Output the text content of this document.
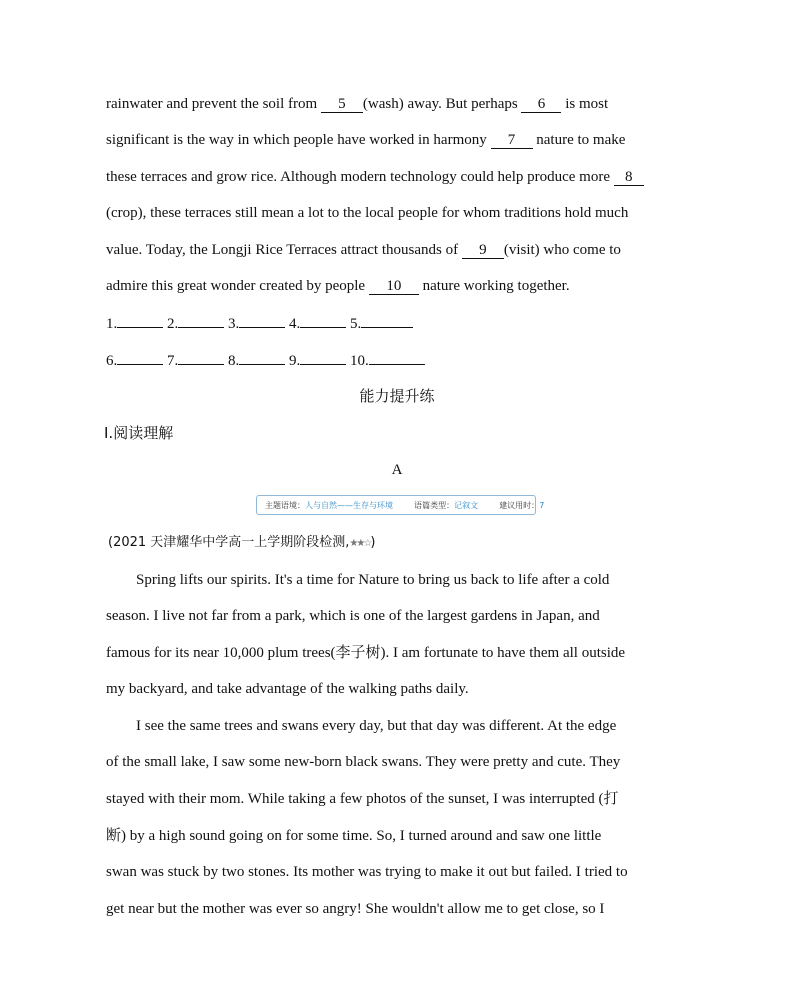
rainwater and prevent the soil from 5 (wash) away. But perhaps 6 is most
significant is the way in which people have worked in harmony 7 nature to make
these terraces and grow rice. Although modern technology could help produce more 8
(crop), these terraces still mean a lot to the local people for whom traditions hold much
value. Today, the Longji Rice Terraces attract thousands of 9 (visit) who come to
admire this great wonder created by people 10 nature working together.
1.	2.	3.	4.	5.
6.	7.	8.	9.	10.
能力提升练
Ⅰ.阅读理解
A
主题语境：人与自然——生存与环境	语篇类型：记叙文	建议用时：7
(2021 天津耀华中学高一上学期阶段检测,★★☆)
Spring lifts our spirits. It's a time for Nature to bring us back to life after a cold
season. I live not far from a park, which is one of the largest gardens in Japan, and
famous for its near 10,000 plum trees(李子树). I am fortunate to have them all outside
my backyard, and take advantage of the walking paths daily.
I see the same trees and swans every day, but that day was different. At the edge
of the small lake, I saw some new-born black swans. They were pretty and cute. They
stayed with their mom. While taking a few photos of the sunset, I was interrupted (打
断) by a high sound going on for some time. So, I turned around and saw one little
swan was stuck by two stones. Its mother was trying to make it out but failed. I tried to
get near but the mother was ever so angry! She wouldn't allow me to get close, so I
